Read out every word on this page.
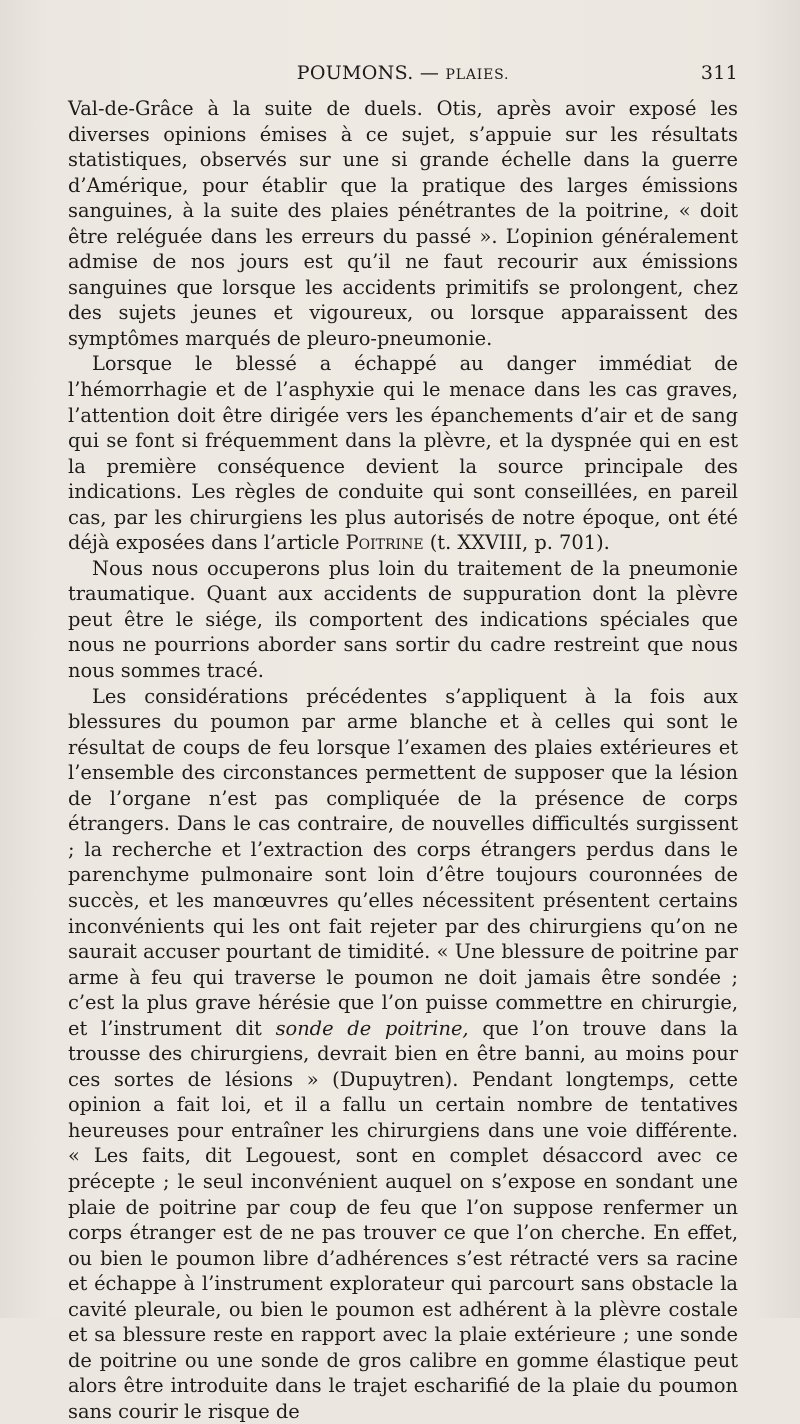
POUMONS. — PLAIES.	311

Val-de-Grâce à la suite de duels. Otis, après avoir exposé les diverses opinions émises à ce sujet, s’appuie sur les résultats statistiques, observés sur une si grande échelle dans la guerre d’Amérique, pour établir que la pratique des larges émissions sanguines, à la suite des plaies pénétrantes de la poitrine, « doit être reléguée dans les erreurs du passé ». L’opinion généralement admise de nos jours est qu’il ne faut recourir aux émissions sanguines que lorsque les accidents primitifs se prolongent, chez des sujets jeunes et vigoureux, ou lorsque apparaissent des symptômes marqués de pleuro-pneumonie.

Lorsque le blessé a échappé au danger immédiat de l’hémorrhagie et de l’asphyxie qui le menace dans les cas graves, l’attention doit être dirigée vers les épanchements d’air et de sang qui se font si fréquemment dans la plèvre, et la dyspnée qui en est la première conséquence devient la source principale des indications. Les règles de conduite qui sont conseillées, en pareil cas, par les chirurgiens les plus autorisés de notre époque, ont été déjà exposées dans l’article Poitrine (t. XXVIII, p. 701).

Nous nous occuperons plus loin du traitement de la pneumonie traumatique. Quant aux accidents de suppuration dont la plèvre peut être le siége, ils comportent des indications spéciales que nous ne pourrions aborder sans sortir du cadre restreint que nous nous sommes tracé.

Les considérations précédentes s’appliquent à la fois aux blessures du poumon par arme blanche et à celles qui sont le résultat de coups de feu lorsque l’examen des plaies extérieures et l’ensemble des circonstances permettent de supposer que la lésion de l’organe n’est pas compliquée de la présence de corps étrangers. Dans le cas contraire, de nouvelles difficultés surgissent ; la recherche et l’extraction des corps étrangers perdus dans le parenchyme pulmonaire sont loin d’être toujours couronnées de succès, et les manœuvres qu’elles nécessitent présentent certains inconvénients qui les ont fait rejeter par des chirurgiens qu’on ne saurait accuser pourtant de timidité. « Une blessure de poitrine par arme à feu qui traverse le poumon ne doit jamais être sondée ; c’est la plus grave hérésie que l’on puisse commettre en chirurgie, et l’instrument dit sonde de poitrine, que l’on trouve dans la trousse des chirurgiens, devrait bien en être banni, au moins pour ces sortes de lésions » (Dupuytren). Pendant longtemps, cette opinion a fait loi, et il a fallu un certain nombre de tentatives heureuses pour entraîner les chirurgiens dans une voie différente. « Les faits, dit Legouest, sont en complet désaccord avec ce précepte ; le seul inconvénient auquel on s’expose en sondant une plaie de poitrine par coup de feu que l’on suppose renfermer un corps étranger est de ne pas trouver ce que l’on cherche. En effet, ou bien le poumon libre d’adhérences s’est rétracté vers sa racine et échappe à l’instrument explorateur qui parcourt sans obstacle la cavité pleurale, ou bien le poumon est adhérent à la plèvre costale et sa blessure reste en rapport avec la plaie extérieure ; une sonde de poitrine ou une sonde de gros calibre en gomme élastique peut alors être introduite dans le trajet escharifié de la plaie du poumon sans courir le risque de
